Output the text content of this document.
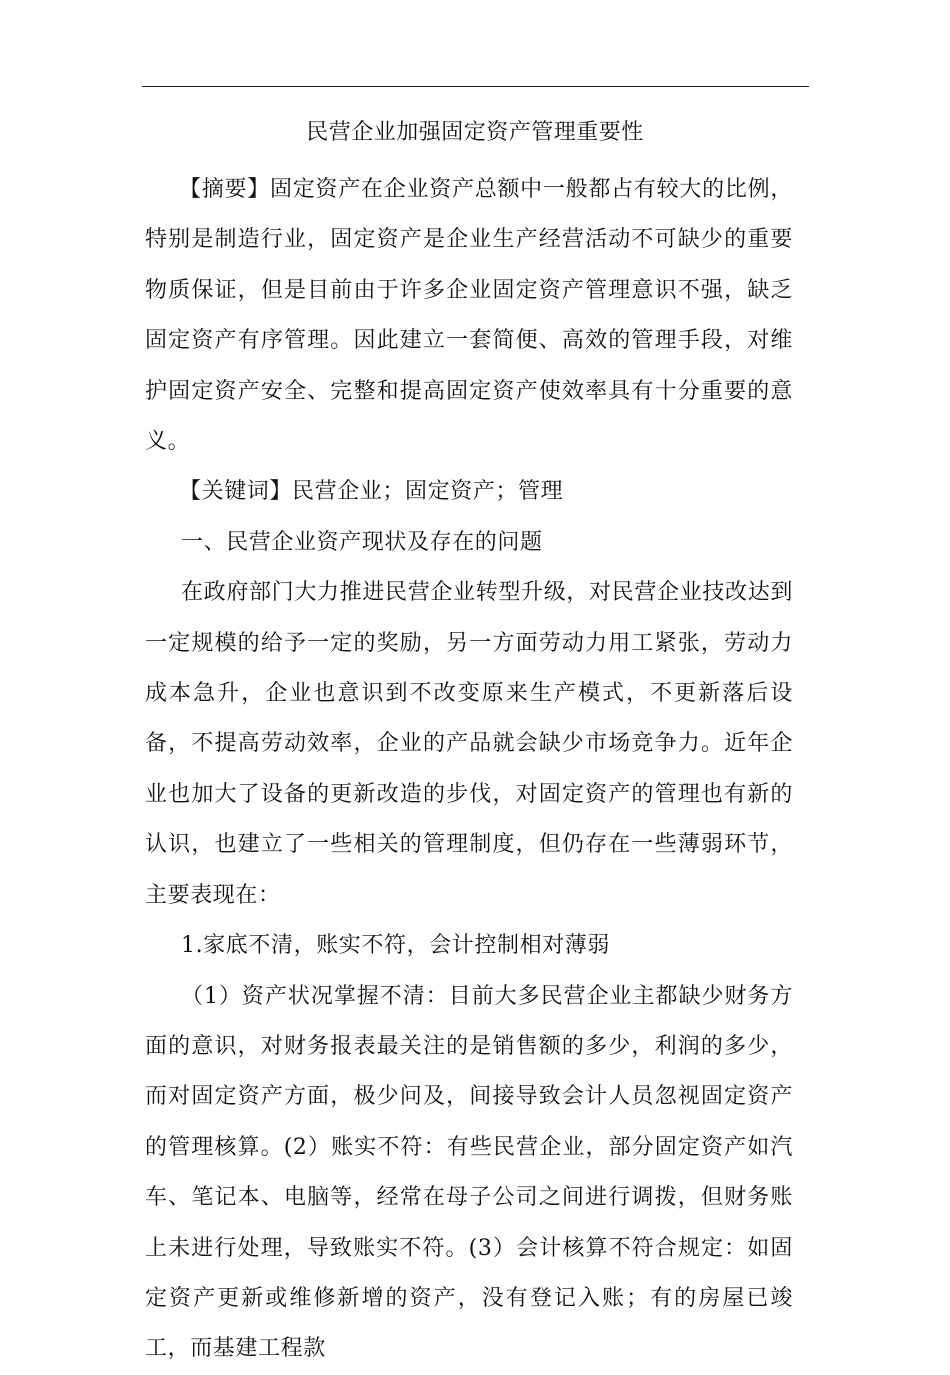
民营企业加强固定资产管理重要性

【摘要】固定资产在企业资产总额中一般都占有较大的比例，特别是制造行业，固定资产是企业生产经营活动不可缺少的重要物质保证，但是目前由于许多企业固定资产管理意识不强，缺乏固定资产有序管理。因此建立一套简便、高效的管理手段，对维护固定资产安全、完整和提高固定资产使效率具有十分重要的意义。

【关键词】民营企业；固定资产；管理

一、民营企业资产现状及存在的问题

在政府部门大力推进民营企业转型升级，对民营企业技改达到一定规模的给予一定的奖励，另一方面劳动力用工紧张，劳动力成本急升，企业也意识到不改变原来生产模式，不更新落后设备，不提高劳动效率，企业的产品就会缺少市场竞争力。近年企业也加大了设备的更新改造的步伐，对固定资产的管理也有新的认识，也建立了一些相关的管理制度，但仍存在一些薄弱环节，主要表现在：

1.家底不清，账实不符，会计控制相对薄弱

（1）资产状况掌握不清：目前大多民营企业主都缺少财务方面的意识，对财务报表最关注的是销售额的多少，利润的多少，而对固定资产方面，极少问及，间接导致会计人员忽视固定资产的管理核算。(2）账实不符：有些民营企业，部分固定资产如汽车、笔记本、电脑等，经常在母子公司之间进行调拨，但财务账上未进行处理，导致账实不符。(3）会计核算不符合规定：如固定资产更新或维修新增的资产，没有登记入账；有的房屋已竣工，而基建工程款
